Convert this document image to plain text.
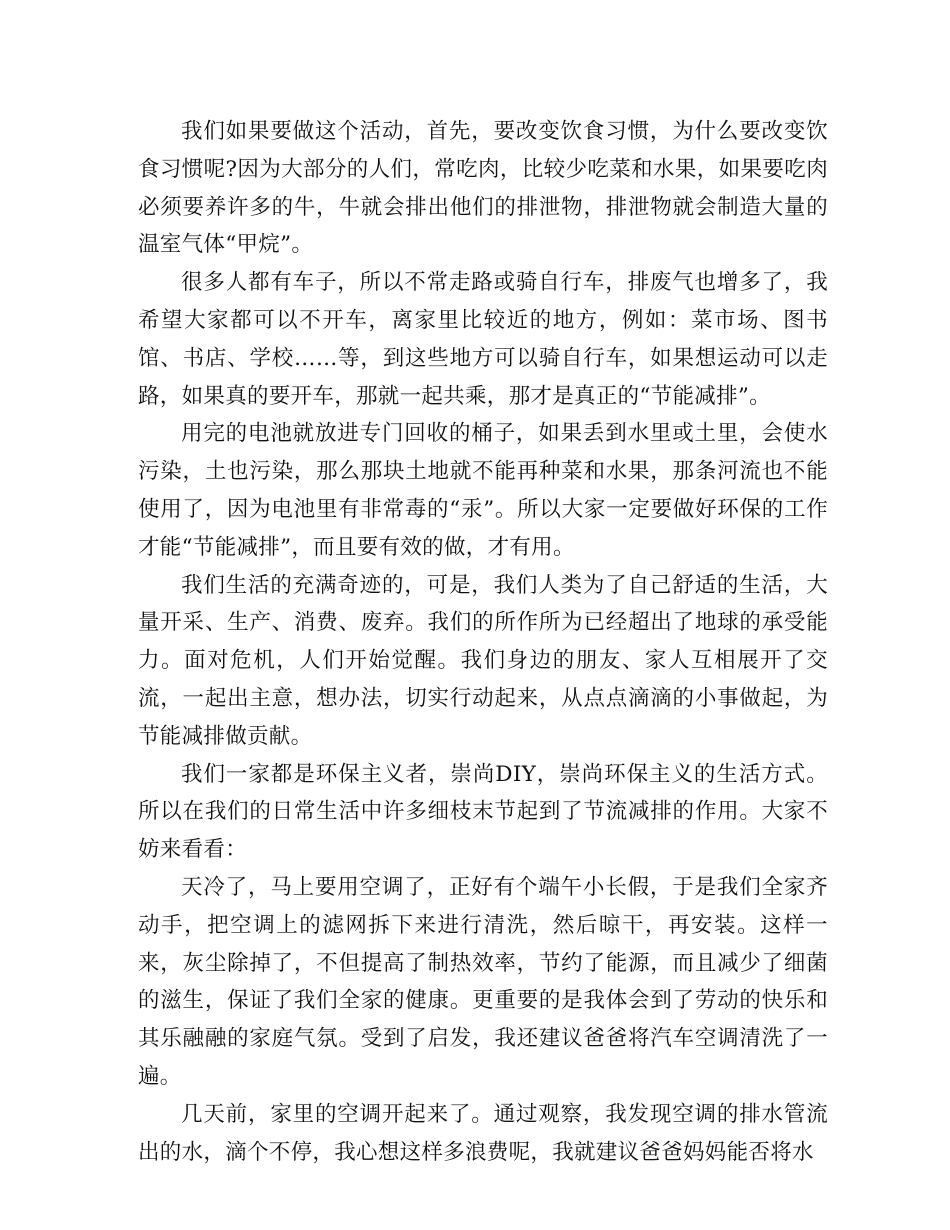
我们如果要做这个活动，首先，要改变饮食习惯，为什么要改变饮食习惯呢?因为大部分的人们，常吃肉，比较少吃菜和水果，如果要吃肉必须要养许多的牛，牛就会排出他们的排泄物，排泄物就会制造大量的温室气体“甲烷”。

很多人都有车子，所以不常走路或骑自行车，排废气也增多了，我希望大家都可以不开车，离家里比较近的地方，例如：菜市场、图书馆、书店、学校……等，到这些地方可以骑自行车，如果想运动可以走路，如果真的要开车，那就一起共乘，那才是真正的“节能减排”。

用完的电池就放进专门回收的桶子，如果丢到水里或土里，会使水污染，土也污染，那么那块土地就不能再种菜和水果，那条河流也不能使用了，因为电池里有非常毒的“汞”。所以大家一定要做好环保的工作才能“节能减排”，而且要有效的做，才有用。

我们生活的充满奇迹的，可是，我们人类为了自己舒适的生活，大量开采、生产、消费、废弃。我们的所作所为已经超出了地球的承受能力。面对危机，人们开始觉醒。我们身边的朋友、家人互相展开了交流，一起出主意，想办法，切实行动起来，从点点滴滴的小事做起，为节能减排做贡献。

我们一家都是环保主义者，崇尚DIY，崇尚环保主义的生活方式。所以在我们的日常生活中许多细枝末节起到了节流减排的作用。大家不妨来看看：

天冷了，马上要用空调了，正好有个端午小长假，于是我们全家齐动手，把空调上的滤网拆下来进行清洗，然后晾干，再安装。这样一来，灰尘除掉了，不但提高了制热效率，节约了能源，而且减少了细菌的滋生，保证了我们全家的健康。更重要的是我体会到了劳动的快乐和其乐融融的家庭气氛。受到了启发，我还建议爸爸将汽车空调清洗了一遍。

几天前，家里的空调开起来了。通过观察，我发现空调的排水管流出的水，滴个不停，我心想这样多浪费呢，我就建议爸爸妈妈能否将水
